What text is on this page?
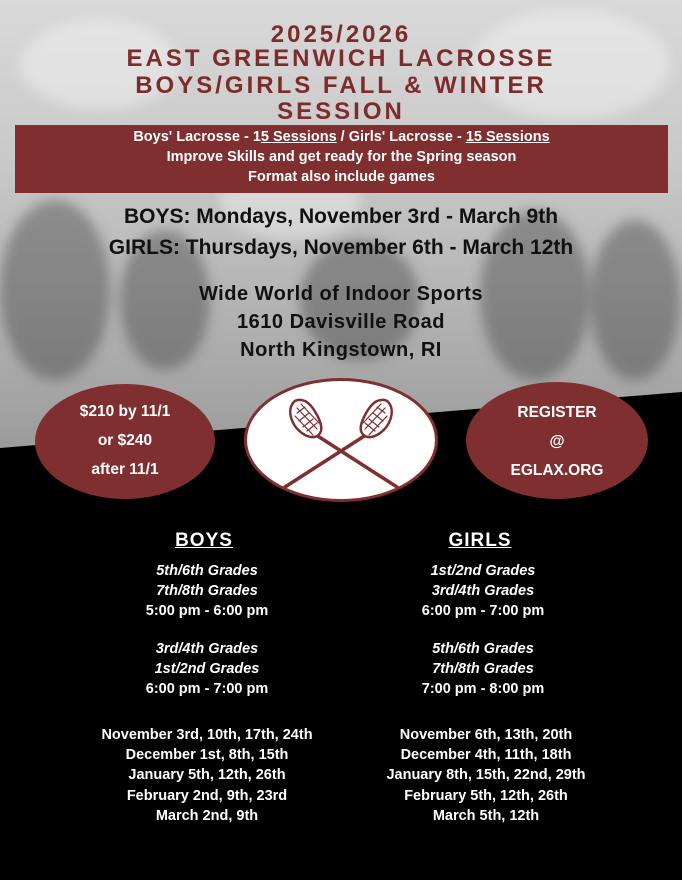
2025/2026
EAST GREENWICH LACROSSE
BOYS/GIRLS FALL & WINTER
SESSION
Boys' Lacrosse - 15 Sessions / Girls' Lacrosse - 15 Sessions
Improve Skills and get ready for the Spring season
Format also include games
BOYS: Mondays, November 3rd - March 9th
GIRLS: Thursdays, November 6th - March 12th
Wide World of Indoor Sports
1610 Davisville Road
North Kingstown, RI
$210 by 11/1
or $240
after 11/1
REGISTER
@
EGLAX.ORG
BOYS	GIRLS
5th/6th Grades
7th/8th Grades
5:00 pm - 6:00 pm
3rd/4th Grades
1st/2nd Grades
6:00 pm - 7:00 pm
1st/2nd Grades
3rd/4th Grades
6:00 pm - 7:00 pm
5th/6th Grades
7th/8th Grades
7:00 pm - 8:00 pm
November 3rd, 10th, 17th, 24th
December 1st, 8th, 15th
January 5th, 12th, 26th
February 2nd, 9th, 23rd
March 2nd, 9th
November 6th, 13th, 20th
December 4th, 11th, 18th
January 8th, 15th, 22nd, 29th
February 5th, 12th, 26th
March 5th, 12th
